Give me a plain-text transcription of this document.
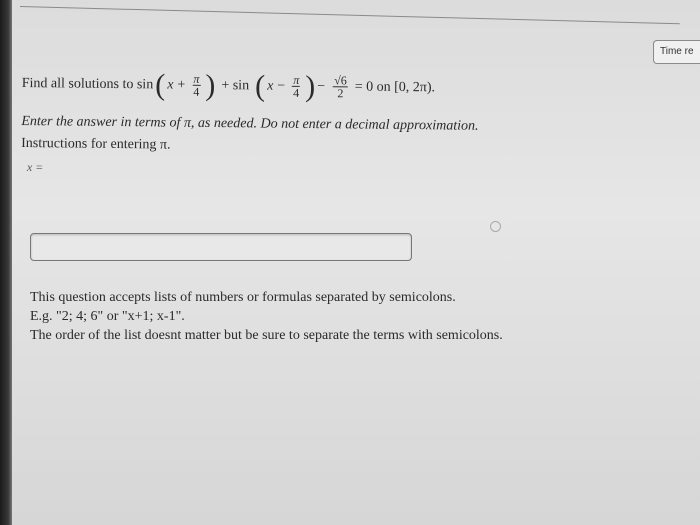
Time re
Find all solutions to sin ( $x + \frac{\pi}{4}$ ) + sin ( $x - \frac{\pi}{4}$ ) − $\frac{√6}{2} = 0$ on [0, 2π).
Enter the answer in terms of π, as needed. Do not enter a decimal approximation.
Instructions for entering π.
x =
This question accepts lists of numbers or formulas separated by semicolons.
E.g. "2; 4; 6" or "x+1; x-1".
The order of the list doesnt matter but be sure to separate the terms with semicolons.
